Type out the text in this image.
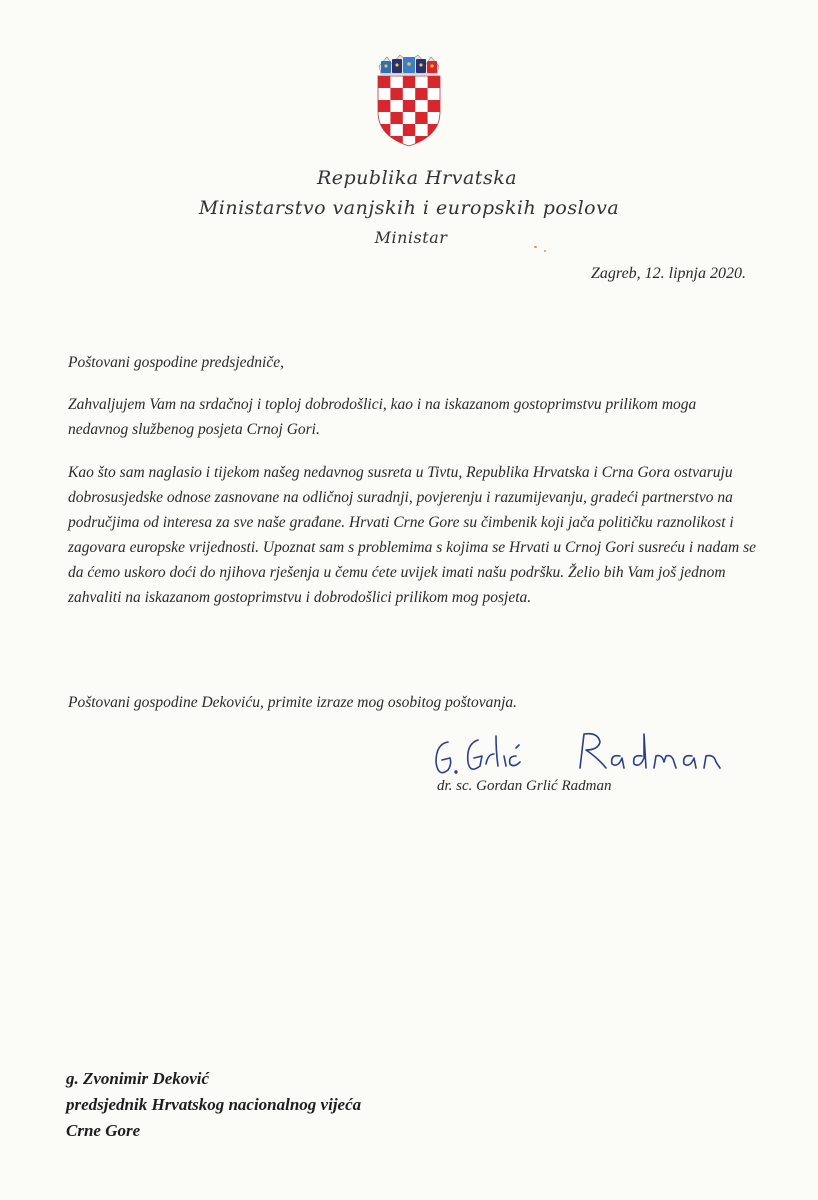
Republika Hrvatska
Ministarstvo vanjskih i europskih poslova
Ministar
Zagreb, 12. lipnja 2020.
Poštovani gospodine predsjedniče,
Zahvaljujem Vam na srdačnoj i toploj dobrodošlici, kao i na iskazanom gostoprimstvu prilikom moga nedavnog službenog posjeta Crnoj Gori.
Kao što sam naglasio i tijekom našeg nedavnog susreta u Tivtu, Republika Hrvatska i Crna Gora ostvaruju dobrosusjedske odnose zasnovane na odličnoj suradnji, povjerenju i razumijevanju, gradeći partnerstvo na područjima od interesa za sve naše građane. Hrvati Crne Gore su čimbenik koji jača političku raznolikost i zagovara europske vrijednosti. Upoznat sam s problemima s kojima se Hrvati u Crnoj Gori susreću i nadam se da ćemo uskoro doći do njihova rješenja u čemu ćete uvijek imati našu podršku. Želio bih Vam još jednom zahvaliti na iskazanom gostoprimstvu i dobrodošlici prilikom mog posjeta.
Poštovani gospodine Dekoviću, primite izraze mog osobitog poštovanja.
dr. sc. Gordan Grlić Radman
g. Zvonimir Deković
predsjednik Hrvatskog nacionalnog vijeća
Crne Gore
